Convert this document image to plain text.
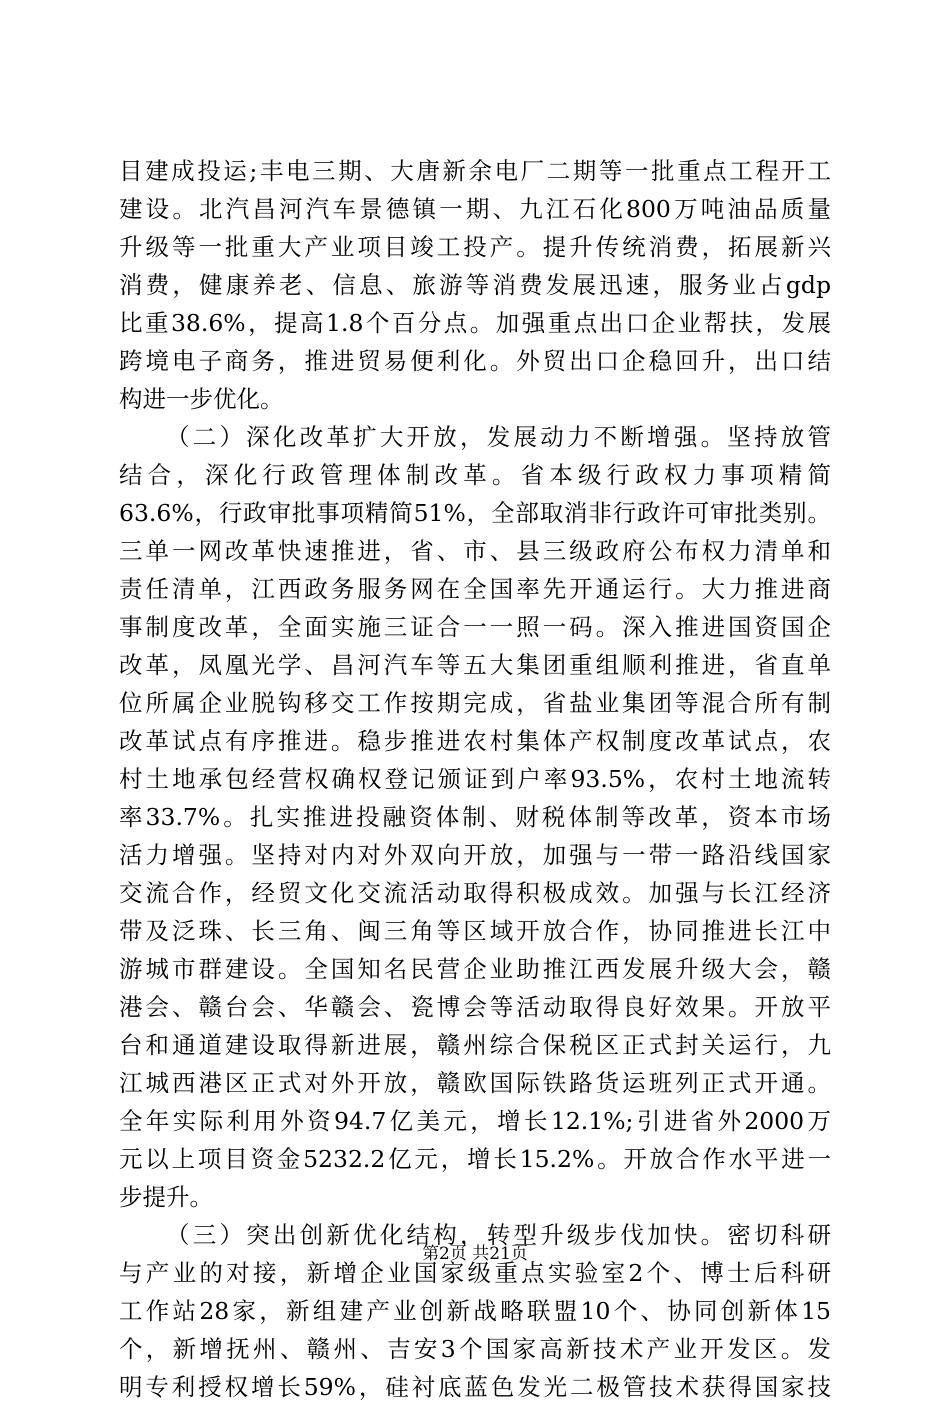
目建成投运;丰电三期、大唐新余电厂二期等一批重点工程开工
建设。北汽昌河汽车景德镇一期、九江石化800万吨油品质量
升级等一批重大产业项目竣工投产。提升传统消费，拓展新兴
消费，健康养老、信息、旅游等消费发展迅速，服务业占gdp
比重38.6%，提高1.8个百分点。加强重点出口企业帮扶，发展
跨境电子商务，推进贸易便利化。外贸出口企稳回升，出口结
构进一步优化。
（二）深化改革扩大开放，发展动力不断增强。坚持放管
结合，深化行政管理体制改革。省本级行政权力事项精简
63.6%，行政审批事项精简51%，全部取消非行政许可审批类别。
三单一网改革快速推进，省、市、县三级政府公布权力清单和
责任清单，江西政务服务网在全国率先开通运行。大力推进商
事制度改革，全面实施三证合一一照一码。深入推进国资国企
改革，凤凰光学、昌河汽车等五大集团重组顺利推进，省直单
位所属企业脱钩移交工作按期完成，省盐业集团等混合所有制
改革试点有序推进。稳步推进农村集体产权制度改革试点，农
村土地承包经营权确权登记颁证到户率93.5%，农村土地流转
率33.7%。扎实推进投融资体制、财税体制等改革，资本市场
活力增强。坚持对内对外双向开放，加强与一带一路沿线国家
交流合作，经贸文化交流活动取得积极成效。加强与长江经济
带及泛珠、长三角、闽三角等区域开放合作，协同推进长江中
游城市群建设。全国知名民营企业助推江西发展升级大会，赣
港会、赣台会、华赣会、瓷博会等活动取得良好效果。开放平
台和通道建设取得新进展，赣州综合保税区正式封关运行，九
江城西港区正式对外开放，赣欧国际铁路货运班列正式开通。
全年实际利用外资94.7亿美元，增长12.1%;引进省外2000万
元以上项目资金5232.2亿元，增长15.2%。开放合作水平进一
步提升。
（三）突出创新优化结构，转型升级步伐加快。密切科研
与产业的对接，新增企业国家级重点实验室2个、博士后科研
工作站28家，新组建产业创新战略联盟10个、协同创新体15
个，新增抚州、赣州、吉安3个国家高新技术产业开发区。发
明专利授权增长59%，硅衬底蓝色发光二极管技术获得国家技
第2页 共21页
